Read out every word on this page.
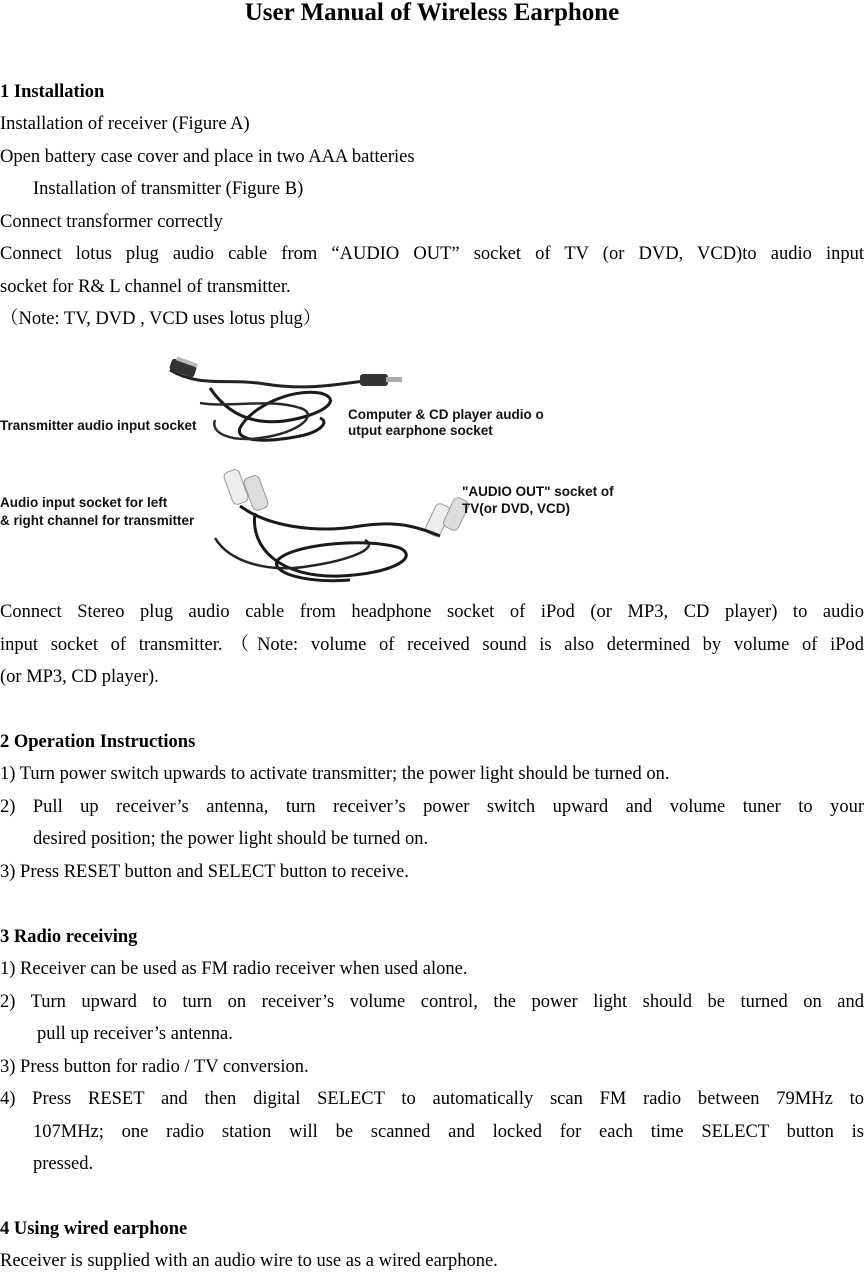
User Manual of Wireless Earphone
1 Installation
Installation of receiver (Figure A)
Open battery case cover and place in two AAA batteries
Installation of transmitter (Figure B)
Connect transformer correctly
Connect lotus plug audio cable from “AUDIO OUT” socket of TV (or DVD, VCD)to audio input
socket for R& L channel of transmitter.
（Note: TV, DVD , VCD uses lotus plug）
Transmitter audio input socket
Computer & CD player audio o
utput earphone socket
Audio input socket for left
& right channel for transmitter
"AUDIO OUT" socket of
TV(or DVD, VCD)
Connect Stereo plug audio cable from headphone socket of iPod (or MP3, CD player) to audio
input socket of transmitter.（Note: volume of received sound is also determined by volume of iPod
(or MP3, CD player).
2 Operation Instructions
1) Turn power switch upwards to activate transmitter; the power light should be turned on.
2) Pull up receiver’s antenna, turn receiver’s power switch upward and volume tuner to your
desired position; the power light should be turned on.
3) Press RESET button and SELECT button to receive.
3 Radio receiving
1) Receiver can be used as FM radio receiver when used alone.
2) Turn upward to turn on receiver’s volume control, the power light should be turned on and
pull up receiver’s antenna.
3) Press button for radio / TV conversion.
4) Press RESET and then digital SELECT to automatically scan FM radio between 79MHz to
107MHz; one radio station will be scanned and locked for each time SELECT button is
pressed.
4 Using wired earphone
Receiver is supplied with an audio wire to use as a wired earphone.
